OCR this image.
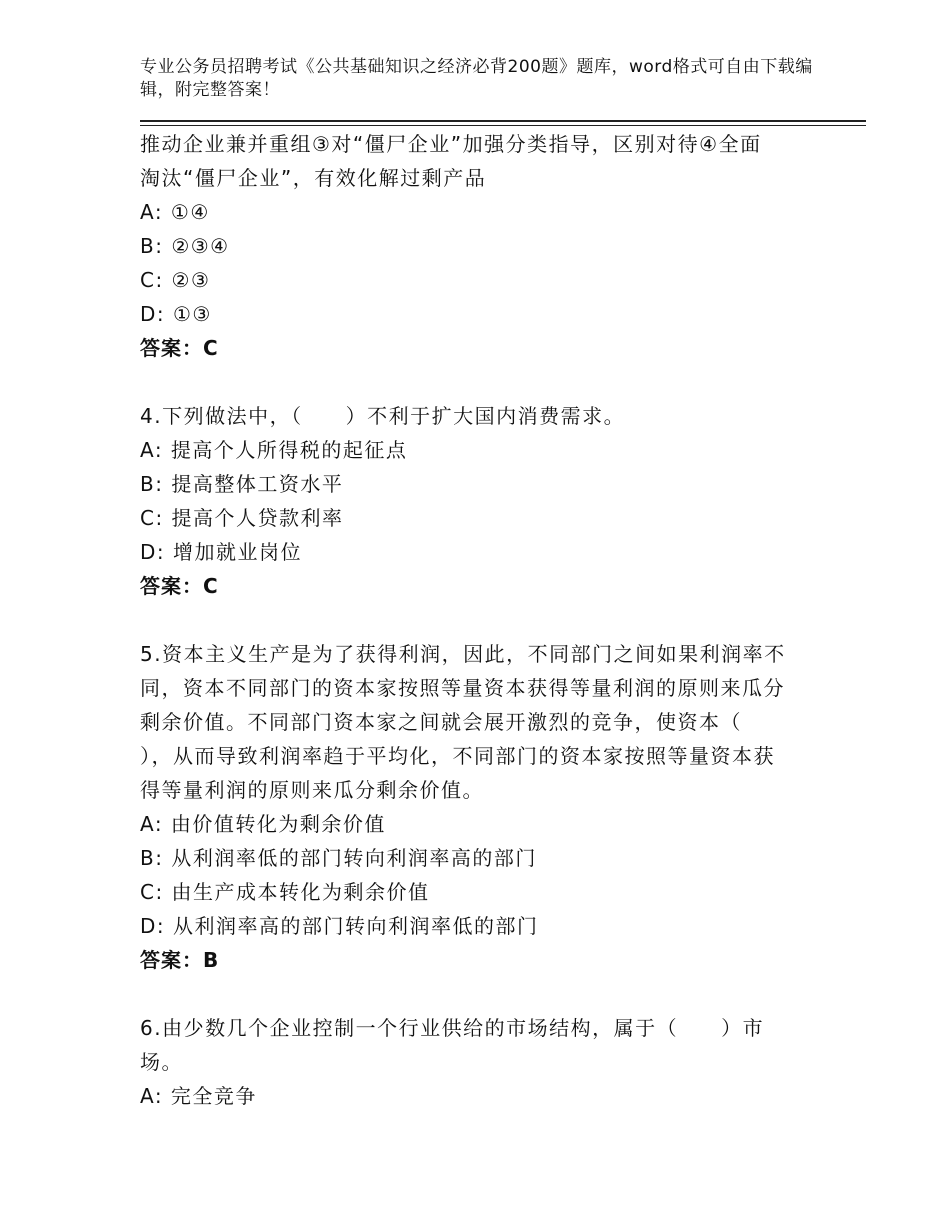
专业公务员招聘考试《公共基础知识之经济必背200题》题库，word格式可自由下载编辑，附完整答案！
推动企业兼并重组③对“僵尸企业”加强分类指导，区别对待④全面
淘汰“僵尸企业”，有效化解过剩产品
A: ①④
B: ②③④
C: ②③
D: ①③
答案：C
4.下列做法中，（　　）不利于扩大国内消费需求。
A: 提高个人所得税的起征点
B: 提高整体工资水平
C: 提高个人贷款利率
D: 增加就业岗位
答案：C
5.资本主义生产是为了获得利润，因此，不同部门之间如果利润率不
同，资本不同部门的资本家按照等量资本获得等量利润的原则来瓜分
剩余价值。不同部门资本家之间就会展开激烈的竞争，使资本（
），从而导致利润率趋于平均化，不同部门的资本家按照等量资本获
得等量利润的原则来瓜分剩余价值。
A: 由价值转化为剩余价值
B: 从利润率低的部门转向利润率高的部门
C: 由生产成本转化为剩余价值
D: 从利润率高的部门转向利润率低的部门
答案：B
6.由少数几个企业控制一个行业供给的市场结构，属于（　　）市
场。
A: 完全竞争
